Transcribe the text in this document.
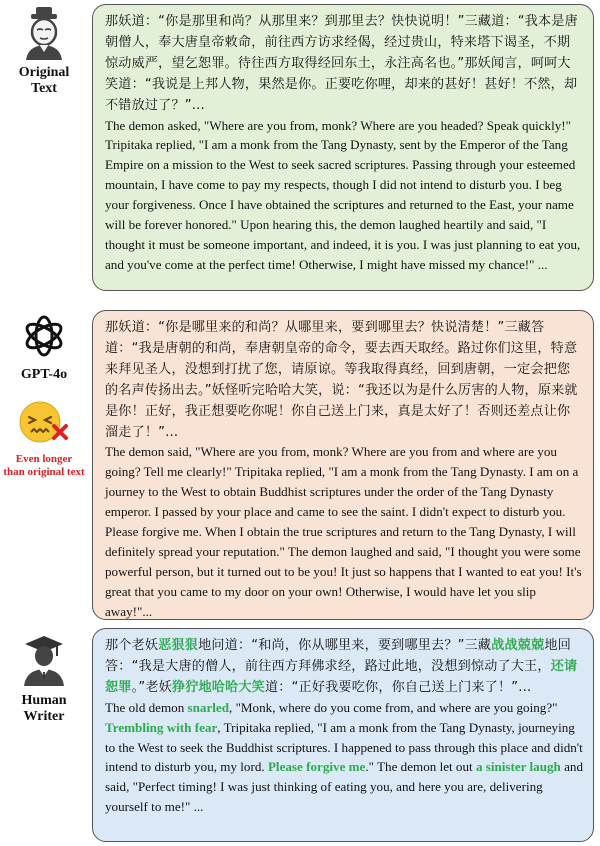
Original
Text
那妖道：“你是那里和尚？从那里来？到那里去？快快说明！”三藏道：“我本是唐朝僧人，奉大唐皇帝敕命，前往西方访求经偈，经过贵山，特来塔下谒圣，不期惊动威严，望乞恕罪。待往西方取得经回东土，永注高名也。”那妖闻言，呵呵大笑道：“我说是上邦人物，果然是你。正要吃你哩，却来的甚好！甚好！不然，却不错放过了？”...
The demon asked, "Where are you from, monk? Where are you headed? Speak quickly!" Tripitaka replied, "I am a monk from the Tang Dynasty, sent by the Emperor of the Tang Empire on a mission to the West to seek sacred scriptures. Passing through your esteemed mountain, I have come to pay my respects, though I did not intend to disturb you. I beg your forgiveness. Once I have obtained the scriptures and returned to the East, your name will be forever honored." Upon hearing this, the demon laughed heartily and said, "I thought it must be someone important, and indeed, it is you. I was just planning to eat you, and you've come at the perfect time! Otherwise, I might have missed my chance!" ...
GPT-4o
Even longer
than original text
那妖道：“你是哪里来的和尚？从哪里来，要到哪里去？快说清楚！”三藏答道：“我是唐朝的和尚，奉唐朝皇帝的命令，要去西天取经。路过你们这里，特意来拜见圣人，没想到打扰了您，请原谅。等我取得真经，回到唐朝，一定会把您的名声传扬出去。”妖怪听完哈哈大笑，说：“我还以为是什么厉害的人物，原来就是你！正好，我正想要吃你呢！你自己送上门来，真是太好了！否则还差点让你溜走了！”...
The demon said, "Where are you from, monk? Where are you from and where are you going? Tell me clearly!" Tripitaka replied, "I am a monk from the Tang Dynasty. I am on a journey to the West to obtain Buddhist scriptures under the order of the Tang Dynasty emperor. I passed by your place and came to see the saint. I didn't expect to disturb you. Please forgive me. When I obtain the true scriptures and return to the Tang Dynasty, I will definitely spread your reputation." The demon laughed and said, "I thought you were some powerful person, but it turned out to be you! It just so happens that I wanted to eat you! It's great that you came to my door on your own! Otherwise, I would have let you slip away!"...
Human
Writer
那个老妖恶狠狠地问道：“和尚，你从哪里来，要到哪里去？”三藏战战兢兢地回答：“我是大唐的僧人，前往西方拜佛求经，路过此地，没想到惊动了大王，还请恕罪。”老妖狰狞地哈哈大笑道：“正好我要吃你，你自己送上门来了！”...
The old demon snarled, "Monk, where do you come from, and where are you going?" Trembling with fear, Tripitaka replied, "I am a monk from the Tang Dynasty, journeying to the West to seek the Buddhist scriptures. I happened to pass through this place and didn't intend to disturb you, my lord. Please forgive me." The demon let out a sinister laugh and said, "Perfect timing! I was just thinking of eating you, and here you are, delivering yourself to me!" ...
